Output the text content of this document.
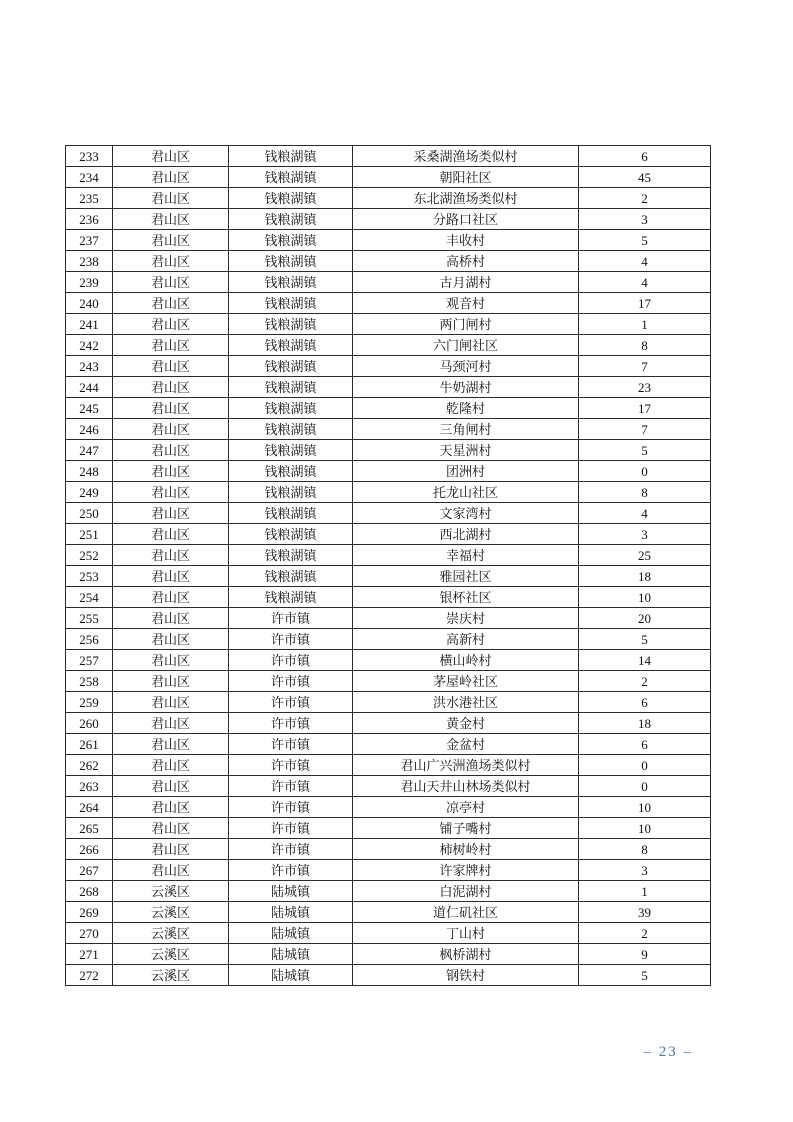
233	君山区	钱粮湖镇	采桑湖渔场类似村	6
234	君山区	钱粮湖镇	朝阳社区	45
235	君山区	钱粮湖镇	东北湖渔场类似村	2
236	君山区	钱粮湖镇	分路口社区	3
237	君山区	钱粮湖镇	丰收村	5
238	君山区	钱粮湖镇	高桥村	4
239	君山区	钱粮湖镇	古月湖村	4
240	君山区	钱粮湖镇	观音村	17
241	君山区	钱粮湖镇	两门闸村	1
242	君山区	钱粮湖镇	六门闸社区	8
243	君山区	钱粮湖镇	马颈河村	7
244	君山区	钱粮湖镇	牛奶湖村	23
245	君山区	钱粮湖镇	乾隆村	17
246	君山区	钱粮湖镇	三角闸村	7
247	君山区	钱粮湖镇	天星洲村	5
248	君山区	钱粮湖镇	团洲村	0
249	君山区	钱粮湖镇	托龙山社区	8
250	君山区	钱粮湖镇	文家湾村	4
251	君山区	钱粮湖镇	西北湖村	3
252	君山区	钱粮湖镇	幸福村	25
253	君山区	钱粮湖镇	雅园社区	18
254	君山区	钱粮湖镇	银杯社区	10
255	君山区	许市镇	崇庆村	20
256	君山区	许市镇	高新村	5
257	君山区	许市镇	横山岭村	14
258	君山区	许市镇	茅屋岭社区	2
259	君山区	许市镇	洪水港社区	6
260	君山区	许市镇	黄金村	18
261	君山区	许市镇	金盆村	6
262	君山区	许市镇	君山广兴洲渔场类似村	0
263	君山区	许市镇	君山天井山林场类似村	0
264	君山区	许市镇	凉亭村	10
265	君山区	许市镇	铺子嘴村	10
266	君山区	许市镇	柿树岭村	8
267	君山区	许市镇	许家牌村	3
268	云溪区	陆城镇	白泥湖村	1
269	云溪区	陆城镇	道仁矶社区	39
270	云溪区	陆城镇	丁山村	2
271	云溪区	陆城镇	枫桥湖村	9
272	云溪区	陆城镇	钢铁村	5
– 23 –
